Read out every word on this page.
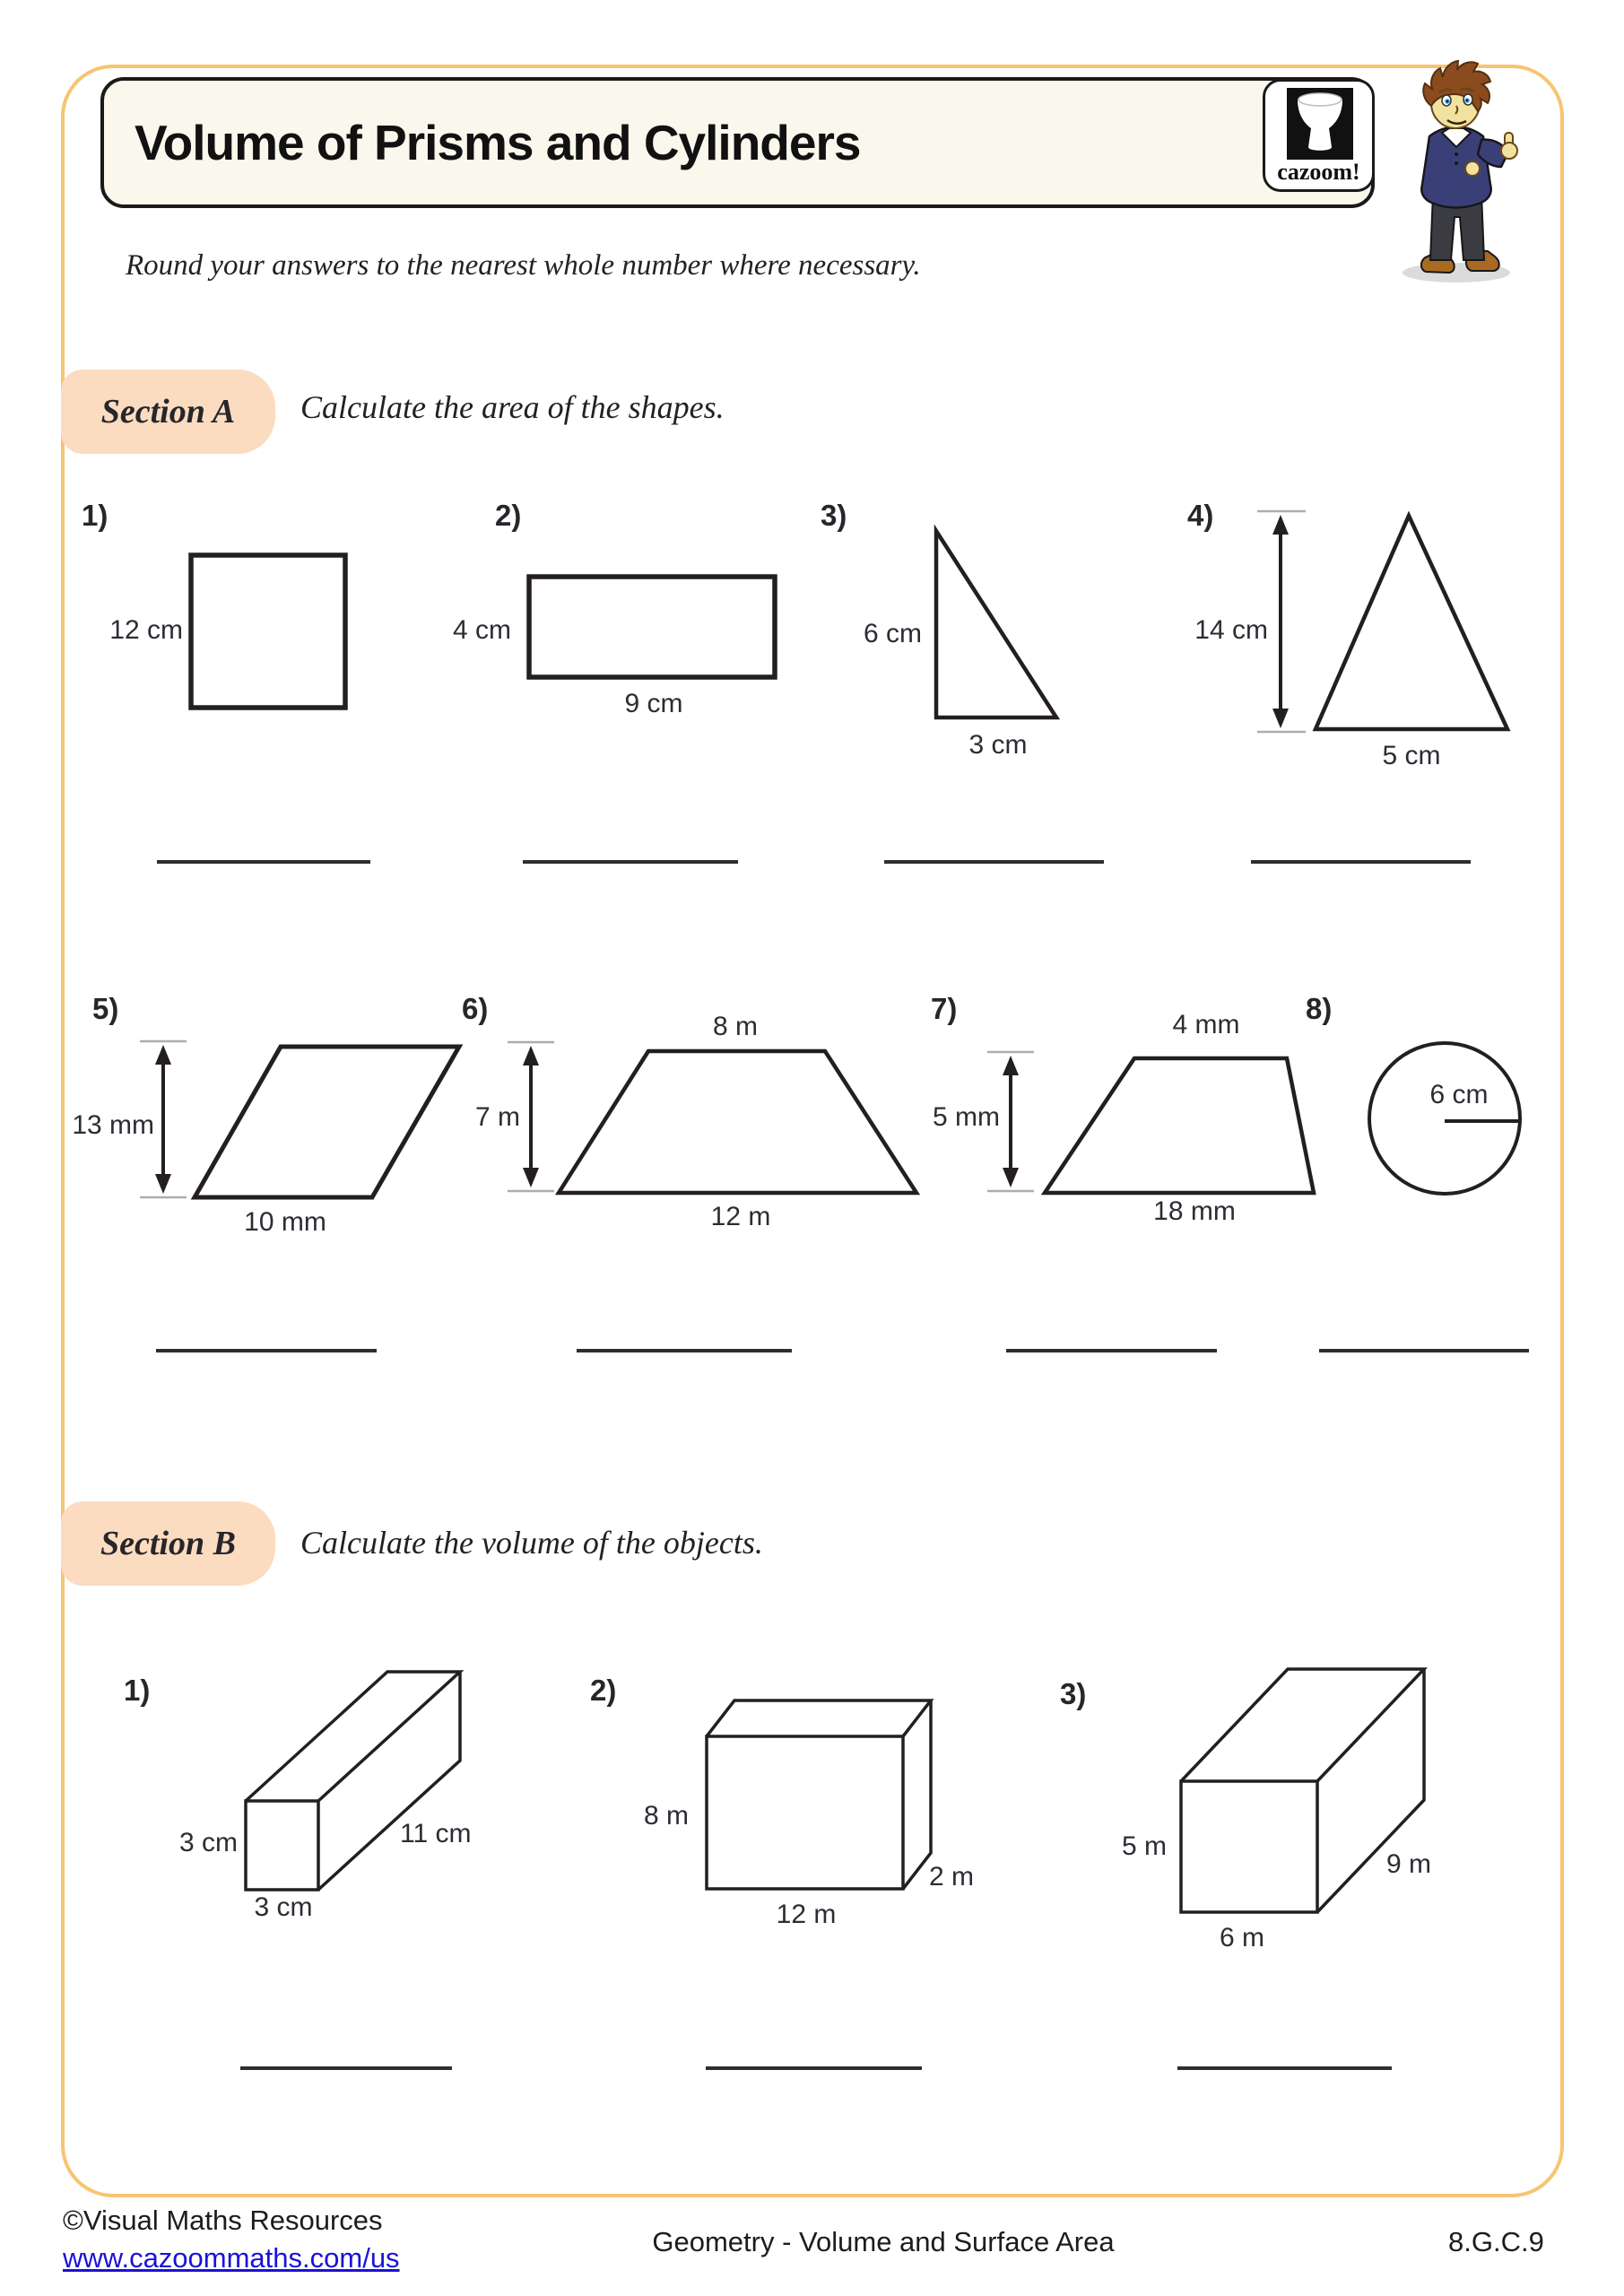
Volume of Prisms and Cylinders
cazoom!
Round your answers to the nearest whole number where necessary.
Section A	Calculate the area of the shapes.
1)	2)	3)	4)
12 cm	4 cm
9 cm
6 cm
3 cm
14 cm
5 cm
5)	6)	7)	8)
13 mm
10 mm
8 m
7 m
12 m
4 mm
5 mm
18 mm
6 cm
Section B	Calculate the volume of the objects.
1)	2)	3)
3 cm
3 cm
11 cm
8 m
12 m
2 m
5 m
6 m
9 m
©Visual Maths Resources
www.cazoommaths.com/us
Geometry - Volume and Surface Area	8.G.C.9
